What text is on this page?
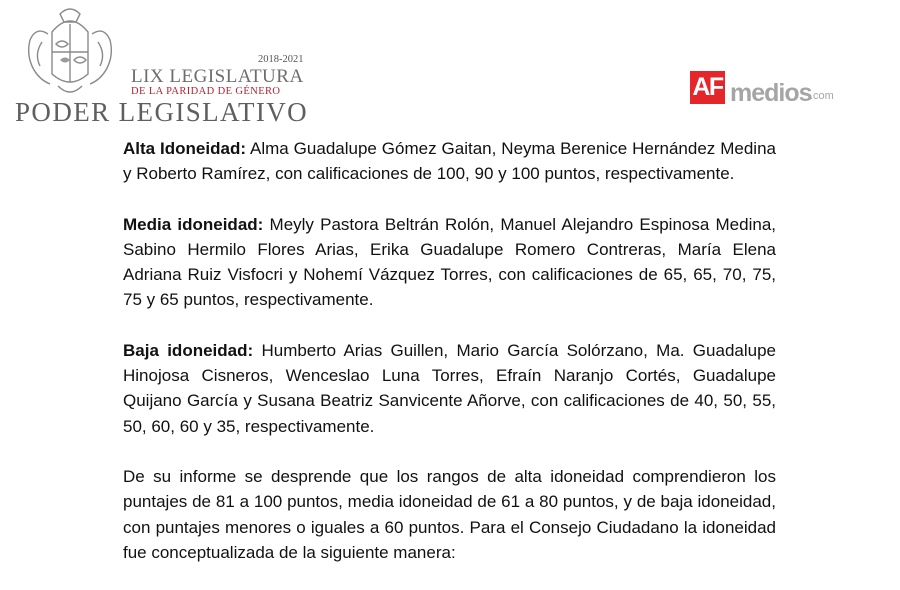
2018-2021
LIX LEGISLATURA
DE LA PARIDAD DE GÉNERO
PODER LEGISLATIVO
AF medios
.com

Alta Idoneidad: Alma Guadalupe Gómez Gaitan, Neyma Berenice Hernández Medina y Roberto Ramírez, con calificaciones de 100, 90 y 100 puntos, respectivamente.

Media idoneidad: Meyly Pastora Beltrán Rolón, Manuel Alejandro Espinosa Medina, Sabino Hermilo Flores Arias, Erika Guadalupe Romero Contreras, María Elena Adriana Ruiz Visfocri y Nohemí Vázquez Torres, con calificaciones de 65, 65, 70, 75, 75 y 65 puntos, respectivamente.

Baja idoneidad: Humberto Arias Guillen, Mario García Solórzano, Ma. Guadalupe Hinojosa Cisneros, Wenceslao Luna Torres, Efraín Naranjo Cortés, Guadalupe Quijano García y Susana Beatriz Sanvicente Añorve, con calificaciones de 40, 50, 55, 50, 60, 60 y 35, respectivamente.

De su informe se desprende que los rangos de alta idoneidad comprendieron los puntajes de 81 a 100 puntos, media idoneidad de 61 a 80 puntos, y de baja idoneidad, con puntajes menores o iguales a 60 puntos. Para el Consejo Ciudadano la idoneidad fue conceptualizada de la siguiente manera:
